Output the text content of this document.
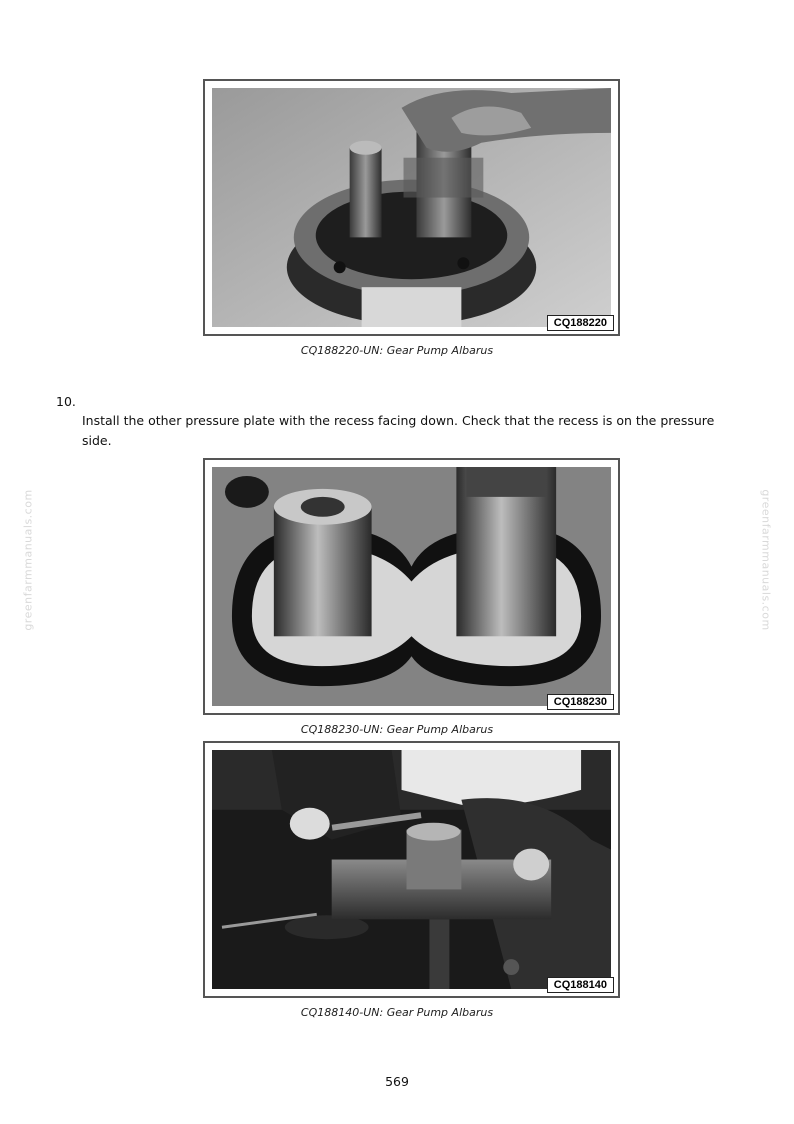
CQ188220
CQ188220-UN: Gear Pump Albarus
10.
Install the other pressure plate with the recess facing down. Check that the recess is on the pressure side.
CQ188230
CQ188230-UN: Gear Pump Albarus
CQ188140
CQ188140-UN: Gear Pump Albarus
greenfarmmanuals.com	greenfarmmanuals.com
569
